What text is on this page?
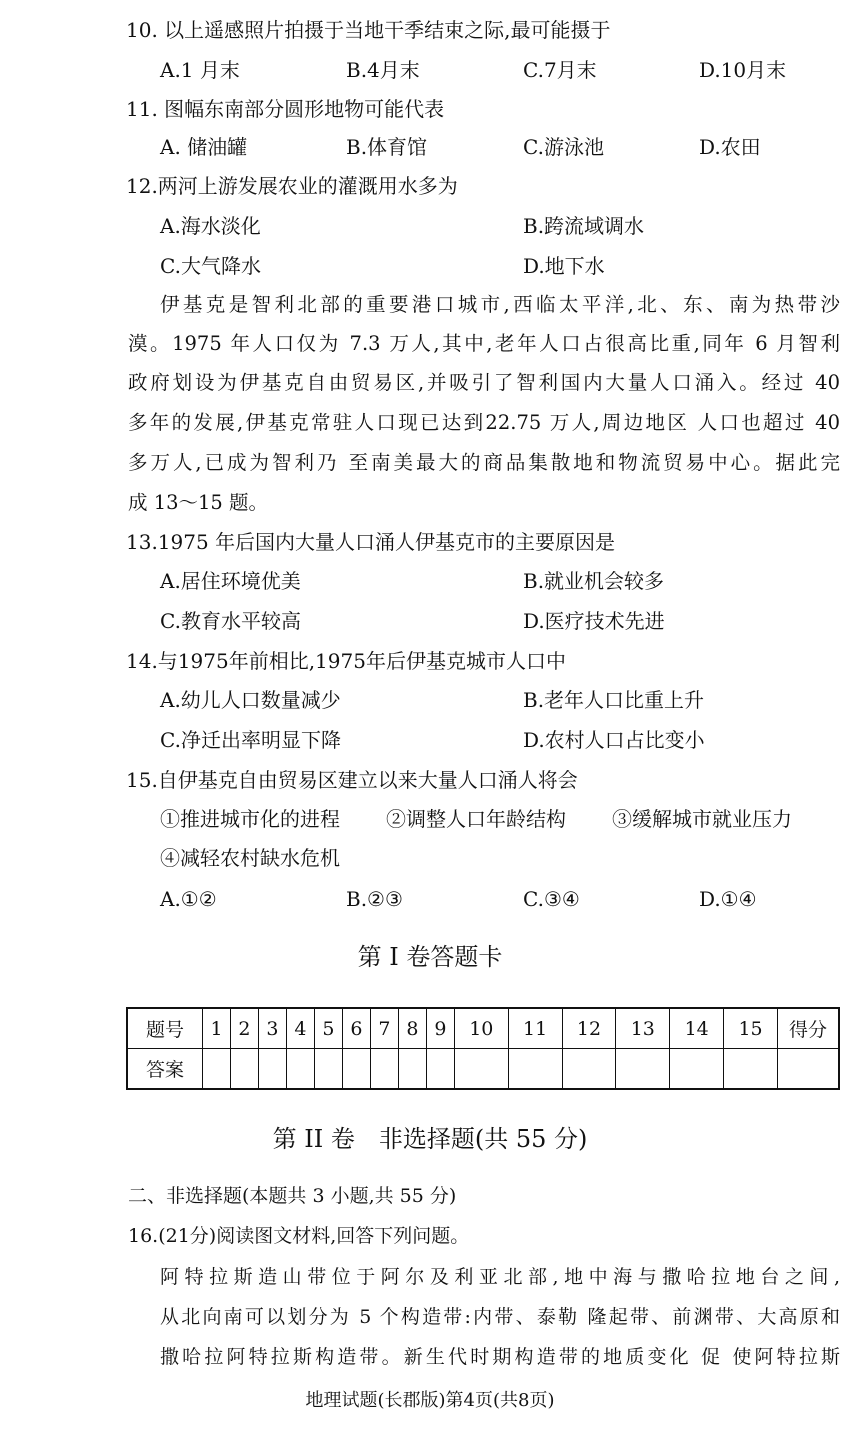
10. 以上遥感照片拍摄于当地干季结束之际,最可能摄于
A.1 月末	B.4月末	C.7月末	D.10月末
11. 图幅东南部分圆形地物可能代表
A. 储油罐	B.体育馆	C.游泳池	D.农田
12.两河上游发展农业的灌溉用水多为
A.海水淡化	B.跨流域调水
C.大气降水	D.地下水
伊基克是智利北部的重要港口城市,西临太平洋,北、东、南为热带沙
漠。1975 年人口仅为 7.3 万人,其中,老年人口占很高比重,同年 6 月智利
政府划设为伊基克自由贸易区,并吸引了智利国内大量人口涌入。经过 40
多年的发展,伊基克常驻人口现已达到22.75 万人,周边地区 人口也超过 40
多万人,已成为智利乃 至南美最大的商品集散地和物流贸易中心。据此完
成 13～15 题。
13.1975 年后国内大量人口涌人伊基克市的主要原因是
A.居住环境优美	B.就业机会较多
C.教育水平较高	D.医疗技术先进
14.与1975年前相比,1975年后伊基克城市人口中
A.幼儿人口数量减少	B.老年人口比重上升
C.净迁出率明显下降	D.农村人口占比变小
15.自伊基克自由贸易区建立以来大量人口涌人将会
①推进城市化的进程 ②调整人口年龄结构 ③缓解城市就业压力
④减轻农村缺水危机
A.①②	B.②③	C.③④	D.①④
第 I 卷答题卡
题号	1	2	3	4	5	6	7	8	9	10	11	12	13	14	15	得分
答案																
第 II 卷　非选择题(共 55 分)
二、非选择题(本题共 3 小题,共 55 分)
16.(21分)阅读图文材料,回答下列问题。
阿特拉斯造山带位于阿尔及利亚北部,地中海与撒哈拉地台之间,
从北向南可以划分为 5 个构造带:内带、泰勒 隆起带、前渊带、大高原和
撒哈拉阿特拉斯构造带。新生代时期构造带的地质变化 促 使阿特拉斯
地理试题(长郡版)第4页(共8页)
